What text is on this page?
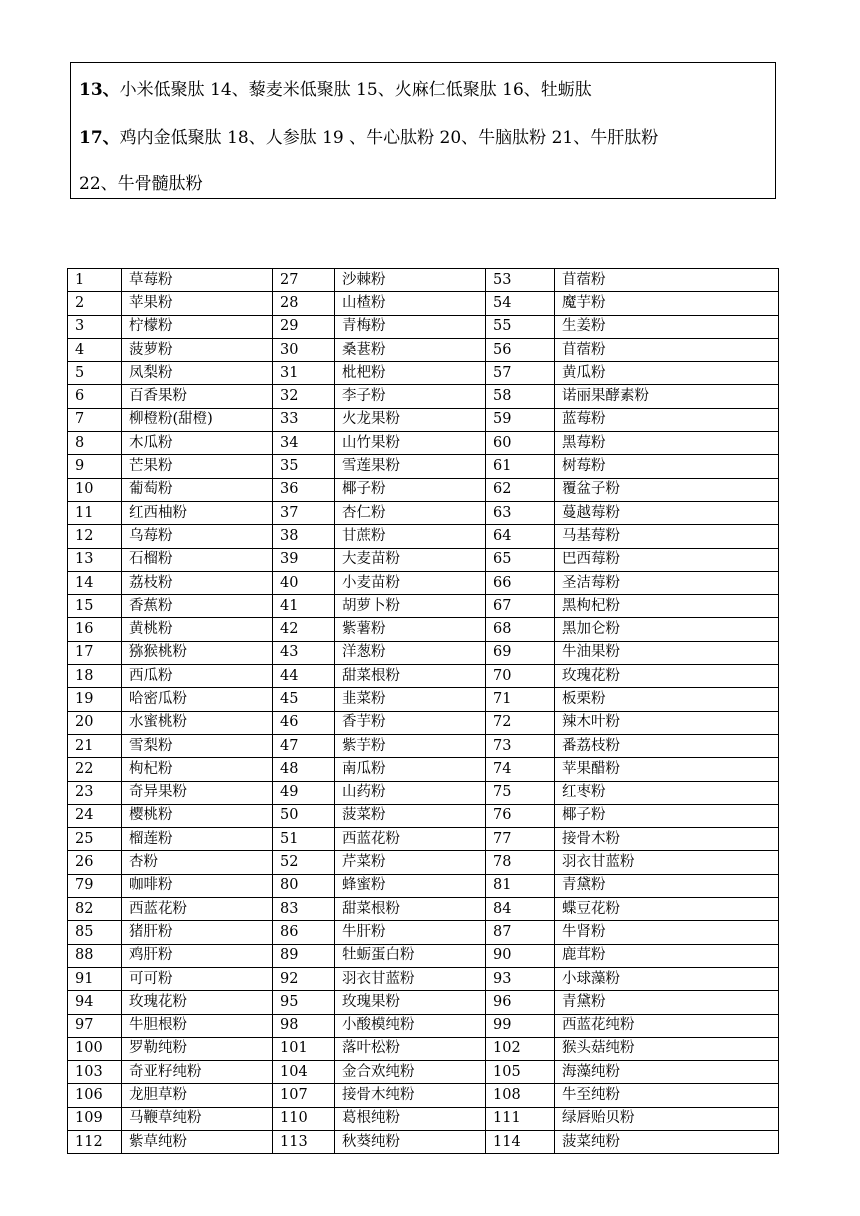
13、小米低聚肽 14、藜麦米低聚肽 15、火麻仁低聚肽 16、牡蛎肽
17、鸡内金低聚肽 18、人参肽 19 、牛心肽粉 20、牛脑肽粉 21、牛肝肽粉
22、牛骨髓肽粉
1	草莓粉	27	沙棘粉	53	苜蓿粉
2	苹果粉	28	山楂粉	54	魔芋粉
3	柠檬粉	29	青梅粉	55	生姜粉
4	菠萝粉	30	桑葚粉	56	苜蓿粉
5	凤梨粉	31	枇杷粉	57	黄瓜粉
6	百香果粉	32	李子粉	58	诺丽果酵素粉
7	柳橙粉(甜橙)	33	火龙果粉	59	蓝莓粉
8	木瓜粉	34	山竹果粉	60	黑莓粉
9	芒果粉	35	雪莲果粉	61	树莓粉
10	葡萄粉	36	椰子粉	62	覆盆子粉
11	红西柚粉	37	杏仁粉	63	蔓越莓粉
12	乌莓粉	38	甘蔗粉	64	马基莓粉
13	石榴粉	39	大麦苗粉	65	巴西莓粉
14	荔枝粉	40	小麦苗粉	66	圣洁莓粉
15	香蕉粉	41	胡萝卜粉	67	黑枸杞粉
16	黄桃粉	42	紫薯粉	68	黑加仑粉
17	猕猴桃粉	43	洋葱粉	69	牛油果粉
18	西瓜粉	44	甜菜根粉	70	玫瑰花粉
19	哈密瓜粉	45	韭菜粉	71	板栗粉
20	水蜜桃粉	46	香芋粉	72	辣木叶粉
21	雪梨粉	47	紫芋粉	73	番荔枝粉
22	枸杞粉	48	南瓜粉	74	苹果醋粉
23	奇异果粉	49	山药粉	75	红枣粉
24	樱桃粉	50	菠菜粉	76	椰子粉
25	榴莲粉	51	西蓝花粉	77	接骨木粉
26	杏粉	52	芹菜粉	78	羽衣甘蓝粉
79	咖啡粉	80	蜂蜜粉	81	青黛粉
82	西蓝花粉	83	甜菜根粉	84	蝶豆花粉
85	猪肝粉	86	牛肝粉	87	牛肾粉
88	鸡肝粉	89	牡蛎蛋白粉	90	鹿茸粉
91	可可粉	92	羽衣甘蓝粉	93	小球藻粉
94	玫瑰花粉	95	玫瑰果粉	96	青黛粉
97	牛胆根粉	98	小酸模纯粉	99	西蓝花纯粉
100	罗勒纯粉	101	落叶松粉	102	猴头菇纯粉
103	奇亚籽纯粉	104	金合欢纯粉	105	海藻纯粉
106	龙胆草粉	107	接骨木纯粉	108	牛至纯粉
109	马鞭草纯粉	110	葛根纯粉	111	绿唇贻贝粉
112	紫草纯粉	113	秋葵纯粉	114	菠菜纯粉
